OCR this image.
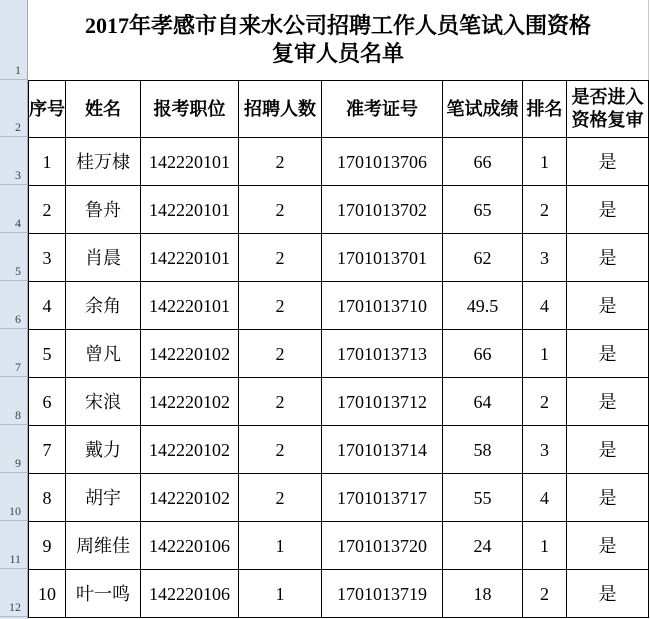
1
2
3
4
5
6
7
8
9
10
11
12
2017年孝感市自来水公司招聘工作人员笔试入围资格
复审人员名单
序号	姓名	报考职位	招聘人数	准考证号	笔试成绩	排名	是否进入资格复审
1	桂万棣	142220101	2	1701013706	66	1	是
2	鲁舟	142220101	2	1701013702	65	2	是
3	肖晨	142220101	2	1701013701	62	3	是
4	余角	142220101	2	1701013710	49.5	4	是
5	曾凡	142220102	2	1701013713	66	1	是
6	宋浪	142220102	2	1701013712	64	2	是
7	戴力	142220102	2	1701013714	58	3	是
8	胡宇	142220102	2	1701013717	55	4	是
9	周维佳	142220106	1	1701013720	24	1	是
10	叶一鸣	142220106	1	1701013719	18	2	是
